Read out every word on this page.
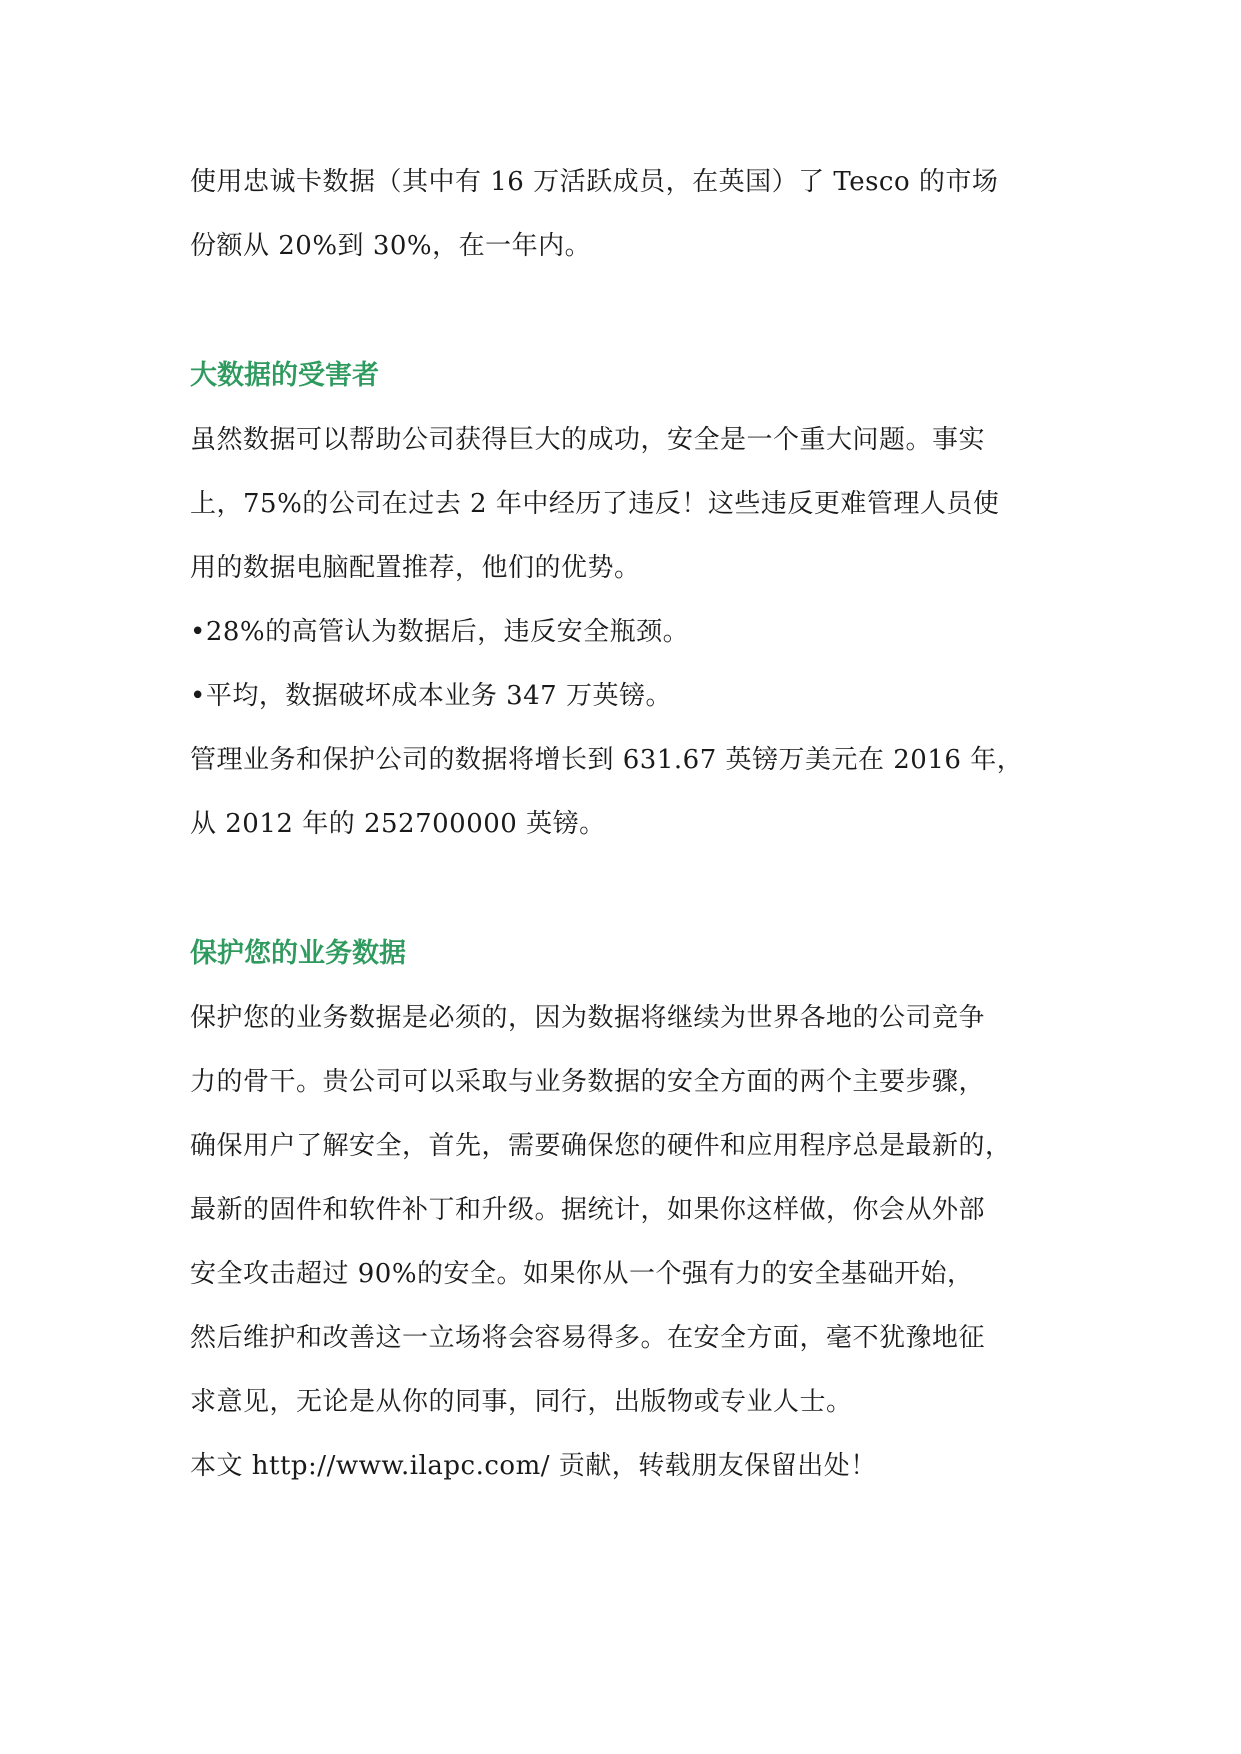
使用忠诚卡数据（其中有 16 万活跃成员，在英国）了 Tesco 的市场
份额从 20%到 30%，在一年内。

大数据的受害者

虽然数据可以帮助公司获得巨大的成功，安全是一个重大问题。事实
上，75%的公司在过去 2 年中经历了违反！这些违反更难管理人员使
用的数据电脑配置推荐，他们的优势。
•28%的高管认为数据后，违反安全瓶颈。
•平均，数据破坏成本业务 347 万英镑。
管理业务和保护公司的数据将增长到 631.67 英镑万美元在 2016 年，
从 2012 年的 252700000 英镑。

保护您的业务数据

保护您的业务数据是必须的，因为数据将继续为世界各地的公司竞争
力的骨干。贵公司可以采取与业务数据的安全方面的两个主要步骤，
确保用户了解安全，首先，需要确保您的硬件和应用程序总是最新的，
最新的固件和软件补丁和升级。据统计，如果你这样做，你会从外部
安全攻击超过 90%的安全。如果你从一个强有力的安全基础开始，
然后维护和改善这一立场将会容易得多。在安全方面，毫不犹豫地征
求意见，无论是从你的同事，同行，出版物或专业人士。
本文 http://www.ilapc.com/ 贡献，转载朋友保留出处！
